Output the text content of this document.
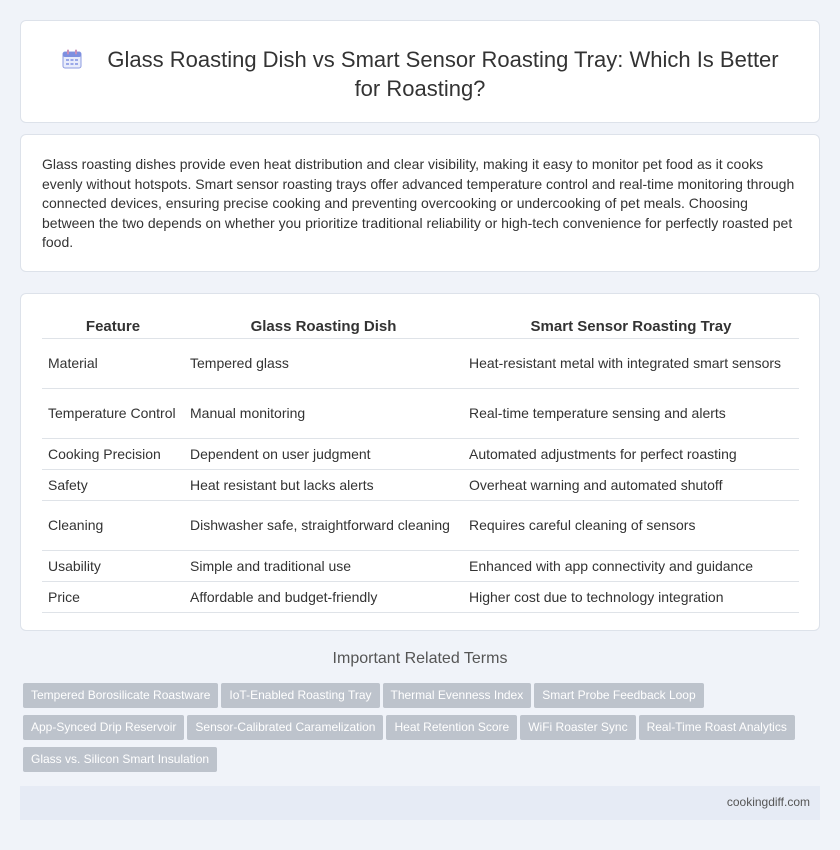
Glass Roasting Dish vs Smart Sensor Roasting Tray: Which Is Better for Roasting?

Glass roasting dishes provide even heat distribution and clear visibility, making it easy to monitor pet food as it cooks evenly without hotspots. Smart sensor roasting trays offer advanced temperature control and real-time monitoring through connected devices, ensuring precise cooking and preventing overcooking or undercooking of pet meals. Choosing between the two depends on whether you prioritize traditional reliability or high-tech convenience for perfectly roasted pet food.

Feature	Glass Roasting Dish	Smart Sensor Roasting Tray
Material	Tempered glass	Heat-resistant metal with integrated smart sensors
Temperature Control	Manual monitoring	Real-time temperature sensing and alerts
Cooking Precision	Dependent on user judgment	Automated adjustments for perfect roasting
Safety	Heat resistant but lacks alerts	Overheat warning and automated shutoff
Cleaning	Dishwasher safe, straightforward cleaning	Requires careful cleaning of sensors
Usability	Simple and traditional use	Enhanced with app connectivity and guidance
Price	Affordable and budget-friendly	Higher cost due to technology integration
Important Related Terms
Tempered Borosilicate Roastware IoT-Enabled Roasting Tray Thermal Evenness Index Smart Probe Feedback LoopApp-Synced Drip Reservoir Sensor-Calibrated Caramelization Heat Retention Score WiFi Roaster Sync Real-Time Roast AnalyticsGlass vs. Silicon Smart Insulation
cookingdiff.com
